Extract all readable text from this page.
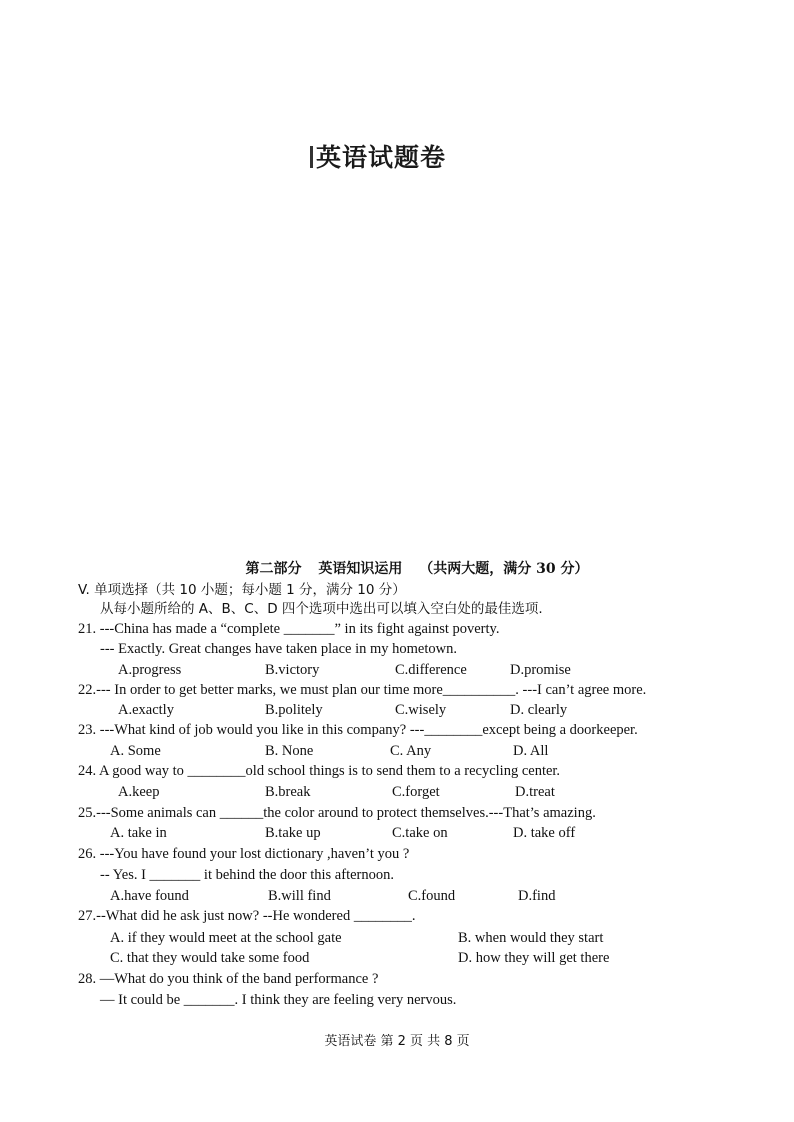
英语试题卷
第二部分 英语知识运用 （共两大题，满分 30 分）
V. 单项选择（共 10 小题；每小题 1 分，满分 10 分）
从每小题所给的 A、B、C、D 四个选项中选出可以填入空白处的最佳选项.
21. ---China has made a “complete _______” in its fight against poverty.
--- Exactly. Great changes have taken place in my hometown.
A.progress	B.victory	C.difference	D.promise
22.--- In order to get better marks, we must plan our time more__________. ---I can’t agree more.
A.exactly	B.politely	C.wisely	D. clearly
23. ---What kind of job would you like in this company? ---________except being a doorkeeper.
A. Some	B. None	C. Any	D. All
24. A good way to ________old school things is to send them to a recycling center.
A.keep	B.break	C.forget	D.treat
25.---Some animals can ______the color around to protect themselves.---That’s amazing.
A. take in	B.take up	C.take on	D. take off
26. ---You have found your lost dictionary ,haven’t you ?
-- Yes. I _______ it behind the door this afternoon.
A.have found	B.will find	C.found	D.find
27.--What did he ask just now? --He wondered ________.
A. if they would meet at the school gate	B. when would they start
C. that they would take some food	D. how they will get there
28. —What do you think of the band performance ?
— It could be _______. I think they are feeling very nervous.
英语试卷 第 2 页 共 8 页
